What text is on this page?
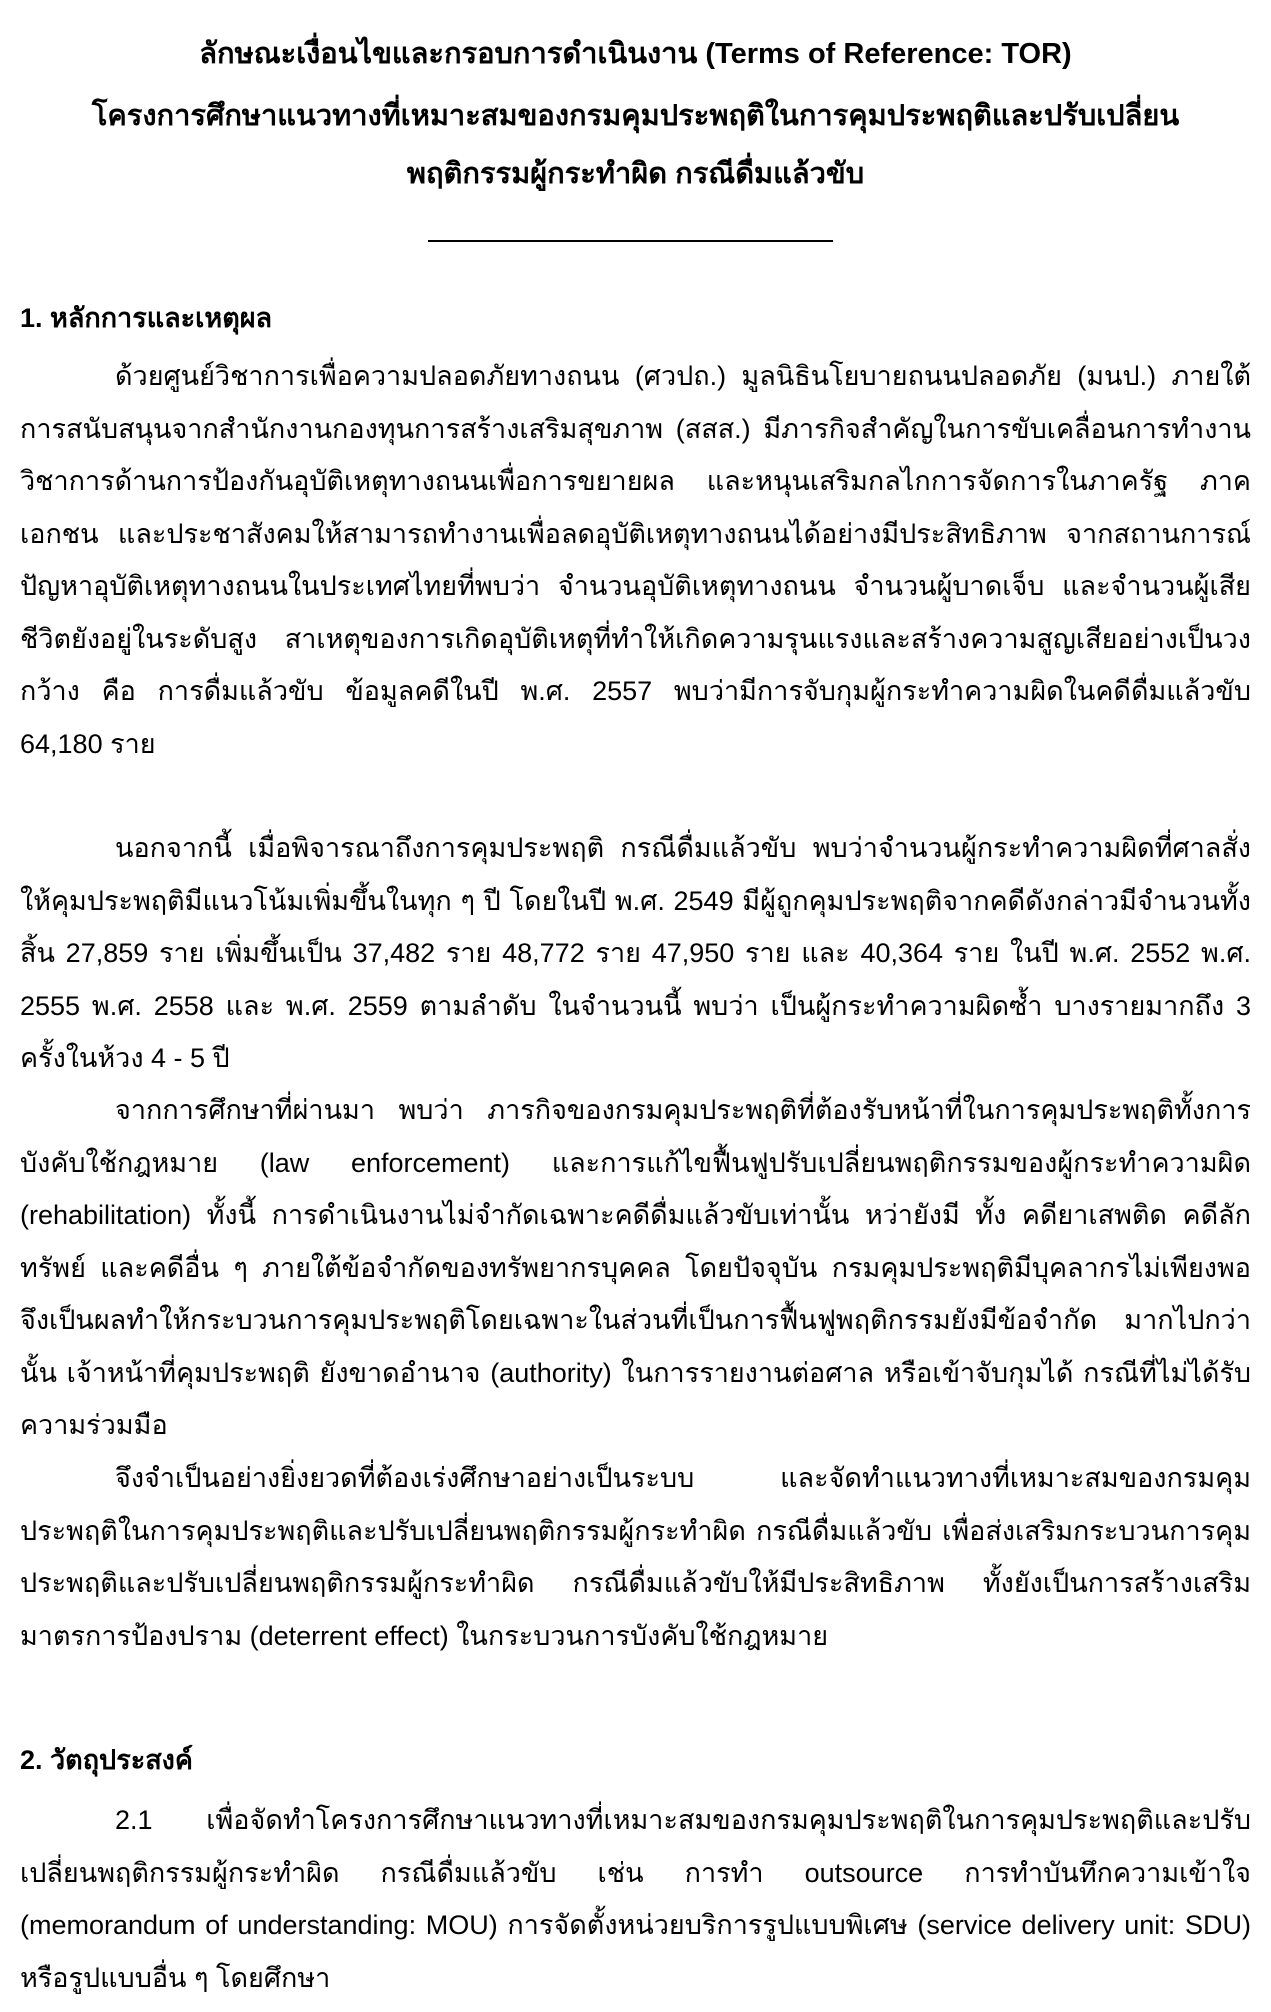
ลักษณะเงื่อนไขและกรอบการดำเนินงาน (Terms of Reference: TOR)
โครงการศึกษาแนวทางที่เหมาะสมของกรมคุมประพฤติในการคุมประพฤติและปรับเปลี่ยน
พฤติกรรมผู้กระทำผิด กรณีดื่มแล้วขับ
1. หลักการและเหตุผล

ด้วยศูนย์วิชาการเพื่อความปลอดภัยทางถนน (ศวปถ.) มูลนิธินโยบายถนนปลอดภัย (มนป.) ภายใต้การสนับสนุนจากสำนักงานกองทุนการสร้างเสริมสุขภาพ (สสส.) มีภารกิจสำคัญในการขับเคลื่อนการทำงานวิชาการด้านการป้องกันอุบัติเหตุทางถนนเพื่อการขยายผล และหนุนเสริมกลไกการจัดการในภาครัฐ ภาคเอกชน และประชาสังคมให้สามารถทำงานเพื่อลดอุบัติเหตุทางถนนได้อย่างมีประสิทธิภาพ จากสถานการณ์ปัญหาอุบัติเหตุทางถนนในประเทศไทยที่พบว่า จำนวนอุบัติเหตุทางถนน จำนวนผู้บาดเจ็บ และจำนวนผู้เสียชีวิตยังอยู่ในระดับสูง สาเหตุของการเกิดอุบัติเหตุที่ทำให้เกิดความรุนแรงและสร้างความสูญเสียอย่างเป็นวงกว้าง คือ การดื่มแล้วขับ ข้อมูลคดีในปี พ.ศ. 2557 พบว่ามีการจับกุมผู้กระทำความผิดในคดีดื่มแล้วขับ 64,180 ราย

นอกจากนี้ เมื่อพิจารณาถึงการคุมประพฤติ กรณีดื่มแล้วขับ พบว่าจำนวนผู้กระทำความผิดที่ศาลสั่งให้คุมประพฤติมีแนวโน้มเพิ่มขึ้นในทุก ๆ ปี โดยในปี พ.ศ. 2549 มีผู้ถูกคุมประพฤติจากคดีดังกล่าวมีจำนวนทั้งสิ้น 27,859 ราย เพิ่มขึ้นเป็น 37,482 ราย 48,772 ราย 47,950 ราย และ 40,364 ราย ในปี พ.ศ. 2552 พ.ศ. 2555 พ.ศ. 2558 และ พ.ศ. 2559 ตามลำดับ ในจำนวนนี้ พบว่า เป็นผู้กระทำความผิดซ้ำ บางรายมากถึง 3 ครั้งในห้วง 4 - 5 ปี

จากการศึกษาที่ผ่านมา พบว่า ภารกิจของกรมคุมประพฤติที่ต้องรับหน้าที่ในการคุมประพฤติทั้งการบังคับใช้กฎหมาย (law enforcement) และการแก้ไขฟื้นฟูปรับเปลี่ยนพฤติกรรมของผู้กระทำความผิด (rehabilitation) ทั้งนี้ การดำเนินงานไม่จำกัดเฉพาะคดีดื่มแล้วขับเท่านั้น หว่ายังมี ทั้ง คดียาเสพติด คดีลักทรัพย์ และคดีอื่น ๆ ภายใต้ข้อจำกัดของทรัพยากรบุคคล โดยปัจจุบัน กรมคุมประพฤติมีบุคลากรไม่เพียงพอ จึงเป็นผลทำให้กระบวนการคุมประพฤติโดยเฉพาะในส่วนที่เป็นการฟื้นฟูพฤติกรรมยังมีข้อจำกัด มากไปกว่านั้น เจ้าหน้าที่คุมประพฤติ ยังขาดอำนาจ (authority) ในการรายงานต่อศาล หรือเข้าจับกุมได้ กรณีที่ไม่ได้รับความร่วมมือ

จึงจำเป็นอย่างยิ่งยวดที่ต้องเร่งศึกษาอย่างเป็นระบบ และจัดทำแนวทางที่เหมาะสมของกรมคุมประพฤติในการคุมประพฤติและปรับเปลี่ยนพฤติกรรมผู้กระทำผิด กรณีดื่มแล้วขับ เพื่อส่งเสริมกระบวนการคุมประพฤติและปรับเปลี่ยนพฤติกรรมผู้กระทำผิด กรณีดื่มแล้วขับให้มีประสิทธิภาพ ทั้งยังเป็นการสร้างเสริมมาตรการป้องปราม (deterrent effect) ในกระบวนการบังคับใช้กฎหมาย

2. วัตถุประสงค์

2.1 เพื่อจัดทำโครงการศึกษาแนวทางที่เหมาะสมของกรมคุมประพฤติในการคุมประพฤติและปรับเปลี่ยนพฤติกรรมผู้กระทำผิด กรณีดื่มแล้วขับ เช่น การทำ outsource การทำบันทึกความเข้าใจ (memorandum of understanding: MOU) การจัดตั้งหน่วยบริการรูปแบบพิเศษ (service delivery unit: SDU) หรือรูปแบบอื่น ๆ โดยศึกษา
